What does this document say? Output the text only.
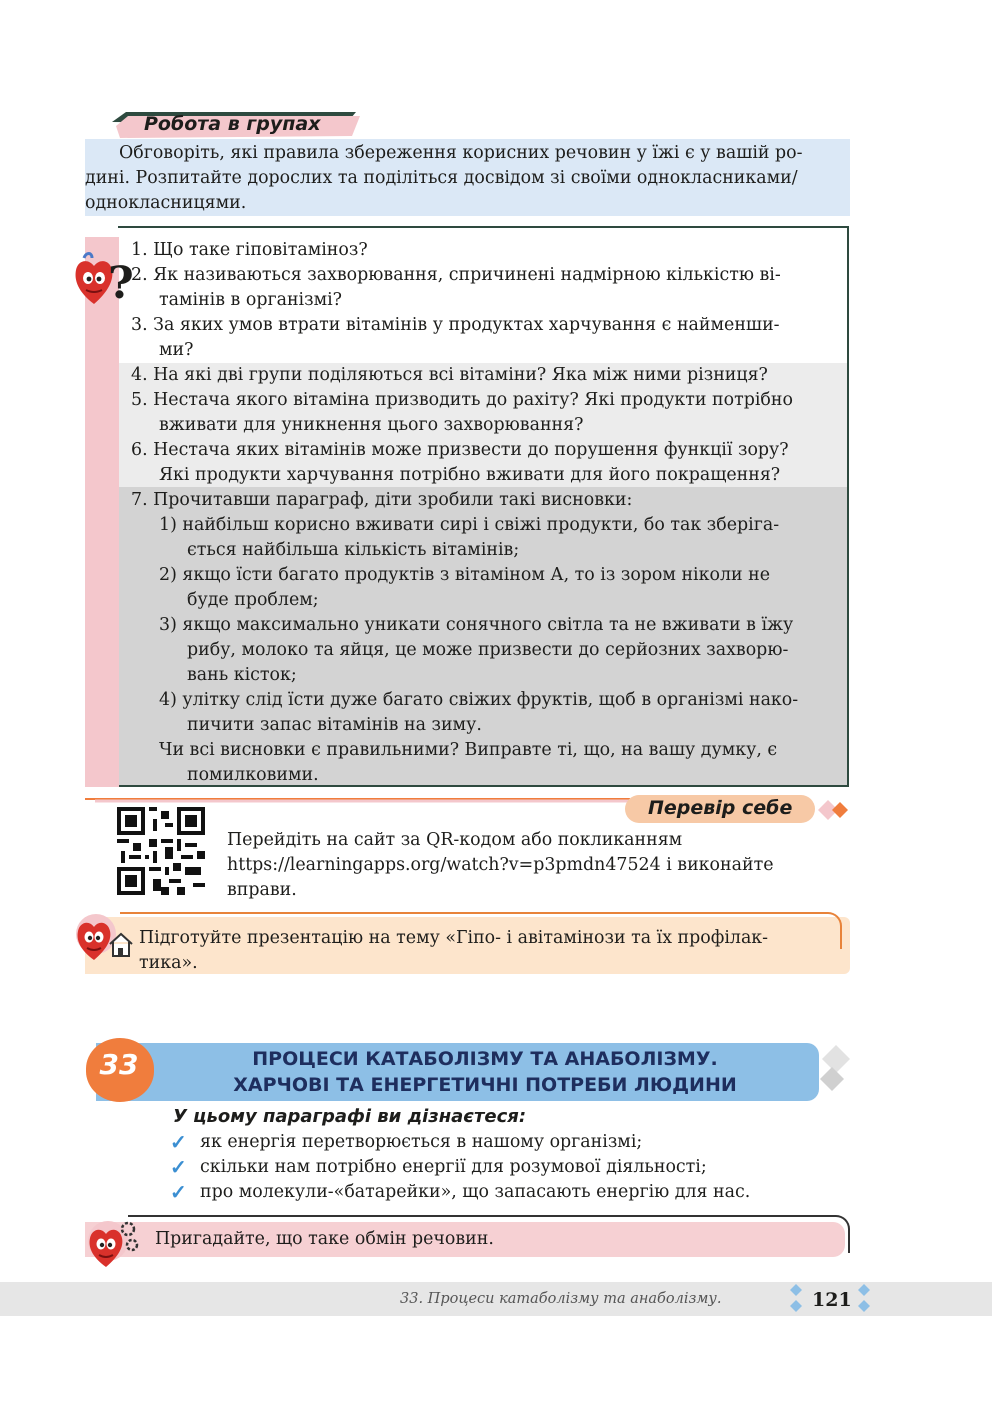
Робота в групах
Обговоріть, які правила збереження корисних речовин у їжі є у вашій ро-
дині. Розпитайте дорослих та поділіться досвідом зі своїми однокласниками/
однокласницями.
?
1. Що таке гіповітаміноз?
2. Як називаються захворювання, спричинені надмірною кількістю ві-
тамінів в організмі?
3. За яких умов втрати вітамінів у продуктах харчування є найменши-
ми?
4. На які дві групи поділяються всі вітаміни? Яка між ними різниця?
5. Нестача якого вітаміна призводить до рахіту? Які продукти потрібно
вживати для уникнення цього захворювання?
6. Нестача яких вітамінів може призвести до порушення функції зору?
Які продукти харчування потрібно вживати для його покращення?
7. Прочитавши параграф, діти зробили такі висновки:
1) найбільш корисно вживати сирі і свіжі продукти, бо так зберіга-
ється найбільша кількість вітамінів;
2) якщо їсти багато продуктів з вітаміном А, то із зором ніколи не
буде проблем;
3) якщо максимально уникати сонячного світла та не вживати в їжу
рибу, молоко та яйця, це може призвести до серйозних захворю-
вань кісток;
4) улітку слід їсти дуже багато свіжих фруктів, щоб в організмі нако-
пичити запас вітамінів на зиму.
Чи всі висновки є правильними? Виправте ті, що, на вашу думку, є
помилковими.
Перевір себе
Перейдіть на сайт за QR-кодом або покликанням
https://learningapps.org/watch?v=p3pmdn47524 і виконайте
вправи.
Підготуйте презентацію на тему «Гіпо- і авітамінози та їх профілак-
тика».
33	ПРОЦЕСИ КАТАБОЛІЗМУ ТА АНАБОЛІЗМУ.
ХАРЧОВІ ТА ЕНЕРГЕТИЧНІ ПОТРЕБИ ЛЮДИНИ
У цьому параграфі ви дізнаєтеся:
✓ як енергія перетворюється в нашому організмі;
✓ скільки нам потрібно енергії для розумової діяльності;
✓ про молекули-«батарейки», що запасають енергію для нас.
Пригадайте, що таке обмін речовин.
33. Процеси катаболізму та анаболізму.	121
